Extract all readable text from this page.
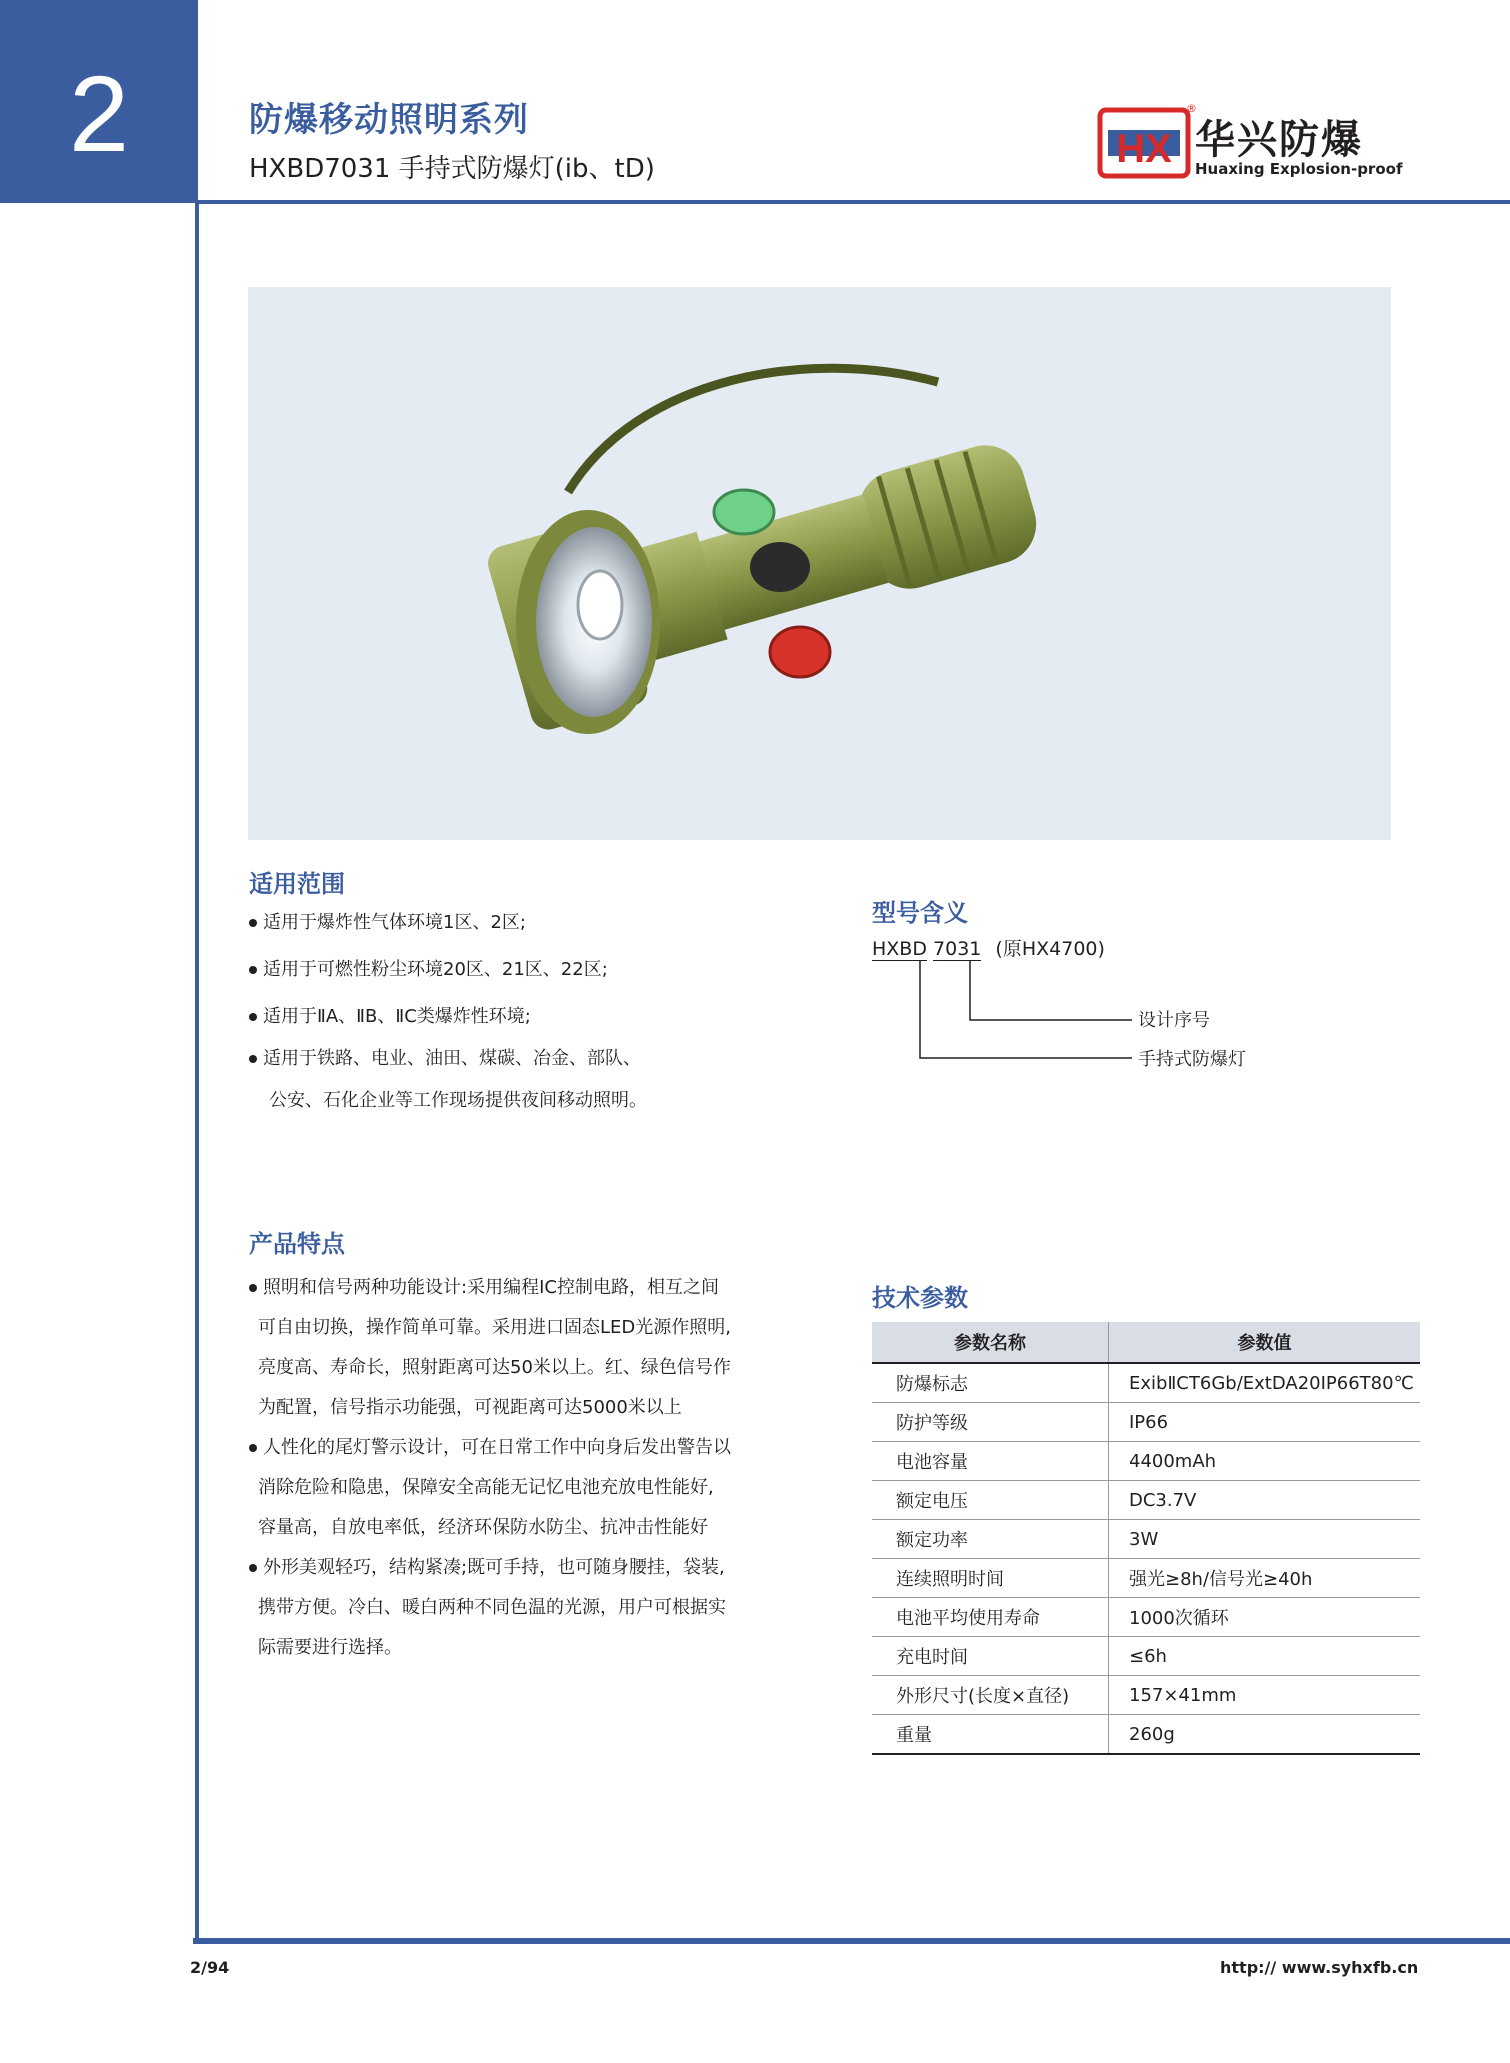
2	防爆移动照明系列
HXBD7031 手持式防爆灯(ib、tD)	HX
®
华兴防爆
Huaxing Explosion-proof
适用范围
适用于爆炸性气体环境1区、2区;
适用于可燃性粉尘环境20区、21区、22区;
适用于ⅡA、ⅡB、ⅡC类爆炸性环境;
适用于铁路、电业、油田、煤碳、冶金、部队、
公安、石化企业等工作现场提供夜间移动照明。
型号含义
HXBD 7031 (原HX4700)
设计序号
手持式防爆灯
产品特点
照明和信号两种功能设计:采用编程IC控制电路，相互之间
可自由切换，操作简单可靠。采用进口固态LED光源作照明,
亮度高、寿命长，照射距离可达50米以上。红、绿色信号作
为配置，信号指示功能强，可视距离可达5000米以上
人性化的尾灯警示设计，可在日常工作中向身后发出警告以
消除危险和隐患，保障安全高能无记忆电池充放电性能好,
容量高，自放电率低，经济环保防水防尘、抗冲击性能好
外形美观轻巧，结构紧凑;既可手持，也可随身腰挂，袋装,
携带方便。冷白、暖白两种不同色温的光源，用户可根据实
际需要进行选择。
技术参数
参数名称	参数值
防爆标志	ExibⅡCT6Gb/ExtDA20IP66T80℃
防护等级	IP66
电池容量	4400mAh
额定电压	DC3.7V
额定功率	3W
连续照明时间	强光≥8h/信号光≥40h
电池平均使用寿命	1000次循环
充电时间	≤6h
外形尺寸(长度×直径)	157×41mm
重量	260g
2/94	http:// www.syhxfb.cn
